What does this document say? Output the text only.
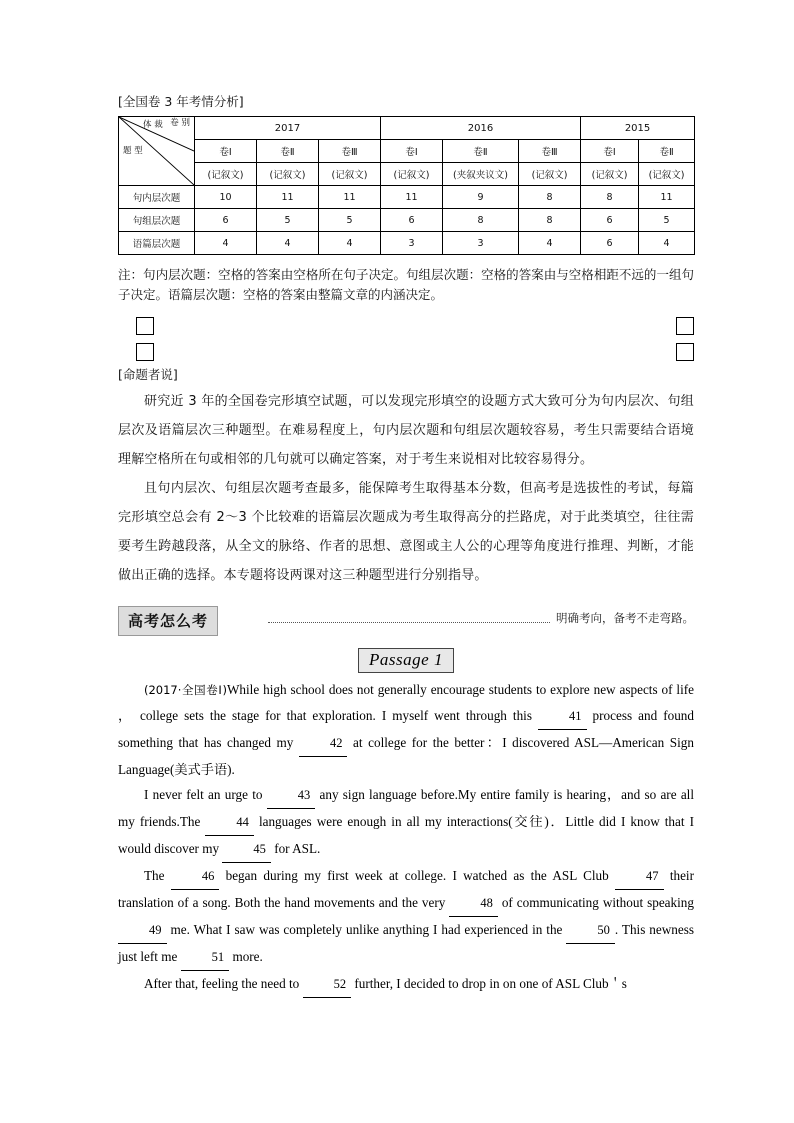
[全国卷 3 年考情分析]
题 型
体 裁 卷 别	2017			2016			2015	
	卷Ⅰ	卷Ⅱ	卷Ⅲ	卷Ⅰ	卷Ⅱ	卷Ⅲ	卷Ⅰ	卷Ⅱ
	(记叙文)	(记叙文)	(记叙文)	(记叙文)	(夹叙夹议文)	(记叙文)	(记叙文)	(记叙文)
句内层次题	10	11	11	11	9	8	8	11
句组层次题	6	5	5	6	8	8	6	5
语篇层次题	4	4	4	3	3	4	6	4
注：句内层次题：空格的答案由空格所在句子决定。句组层次题：空格的答案由与空格相距不远的一组句子决定。语篇层次题：空格的答案由整篇文章的内涵决定。
[命题者说]
研究近 3 年的全国卷完形填空试题，可以发现完形填空的设题方式大致可分为句内层次、句组层次及语篇层次三种题型。在难易程度上，句内层次题和句组层次题较容易，考生只需要结合语境理解空格所在句或相邻的几句就可以确定答案，对于考生来说相对比较容易得分。
且句内层次、句组层次题考查最多，能保障考生取得基本分数，但高考是选拔性的考试，每篇完形填空总会有 2～3 个比较难的语篇层次题成为考生取得高分的拦路虎，对于此类填空，往往需要考生跨越段落，从全文的脉络、作者的思想、意图或主人公的心理等角度进行推理、判断，才能做出正确的选择。本专题将设两课对这三种题型进行分别指导。
高考怎么考	明确考向，备考不走弯路。
Passage 1
(2017·全国卷Ⅰ)While high school does not generally encourage students to explore new aspects of life ， college sets the stage for that exploration. I myself went through this 41 process and found something that has changed my 42 at college for the better：I discovered ASL—American Sign Language(美式手语).
I never felt an urge to 43 any sign language before.My entire family is hearing，and so are all my friends.The 44 languages were enough in all my interactions(交往)．Little did I know that I would discover my 45 for ASL.
The 46 began during my first week at college. I watched as the ASL Club 47 their translation of a song. Both the hand movements and the very 48 of communicating without speaking 49 me. What I saw was completely unlike anything I had experienced in the 50 . This newness just left me 51 more.
After that, feeling the need to 52 further, I decided to drop in on one of ASL Club＇s
